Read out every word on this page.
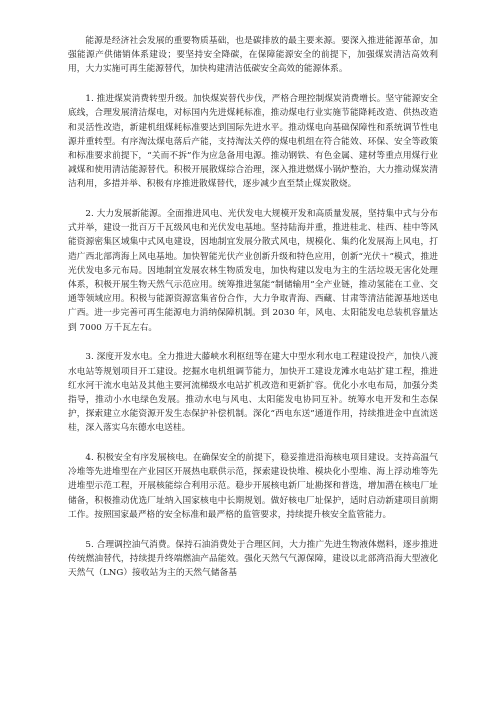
能源是经济社会发展的重要物质基础，也是碳排放的最主要来源。要深入推进能源革命，加强能源产供储销体系建设；要坚持安全降碳，在保障能源安全的前提下，加强煤炭清洁高效利用，大力实施可再生能源替代，加快构建清洁低碳安全高效的能源体系。

1. 推进煤炭消费转型升级。加快煤炭替代步伐，严格合理控制煤炭消费增长。坚守能源安全底线，合理发展清洁煤电，对标国内先进煤耗标准，推动煤电行业实施节能降耗改造、供热改造和灵活性改造，新建机组煤耗标准要达到国际先进水平。推动煤电向基础保障性和系统调节性电源并重转型。有序淘汰煤电落后产能，支持淘汰关停的煤电机组在符合能效、环保、安全等政策和标准要求前提下，“关而不拆”作为应急备用电源。推动钢铁、有色金属、建材等重点用煤行业减煤和使用清洁能源替代。积极开展散煤综合治理，深入推进燃煤小锅炉整治，大力推动煤炭清洁利用，多措并举、积极有序推进散煤替代，逐步减少直至禁止煤炭散烧。

2. 大力发展新能源。全面推进风电、光伏发电大规模开发和高质量发展，坚持集中式与分布式并举，建设一批百万千瓦级风电和光伏发电基地。坚持陆海并重，推进桂北、桂西、桂中等风能资源密集区域集中式风电建设，因地制宜发展分散式风电，规模化、集约化发展海上风电，打造广西北部湾海上风电基地。加快智能光伏产业创新升级和特色应用，创新“光伏＋”模式，推进光伏发电多元布局。因地制宜发展农林生物质发电，加快构建以发电为主的生活垃圾无害化处理体系，积极开展生物天然气示范应用。统筹推进氢能“制储输用”全产业链，推动氢能在工业、交通等领域应用。积极与能源资源富集省份合作，大力争取青海、西藏、甘肃等清洁能源基地送电广西。进一步完善可再生能源电力消纳保障机制。到 2030 年，风电、太阳能发电总装机容量达到 7000 万千瓦左右。

3. 深度开发水电。全力推进大藤峡水利枢纽等在建大中型水利水电工程建设投产，加快八渡水电站等规划项目开工建设。挖掘水电机组调节能力，加快开工建设龙滩水电站扩建工程，推进红水河干流水电站及其他主要河流梯级水电站扩机改造和更新扩容。优化小水电布局，加强分类指导，推动小水电绿色发展。推动水电与风电、太阳能发电协同互补。统筹水电开发和生态保护，探索建立水能资源开发生态保护补偿机制。深化“西电东送”通道作用，持续推进金中直流送桂，深入落实乌东德水电送桂。

4. 积极安全有序发展核电。在确保安全的前提下，稳妥推进沿海核电项目建设。支持高温气冷堆等先进堆型在产业园区开展热电联供示范，探索建设快堆、模块化小型堆、海上浮动堆等先进堆型示范工程，开展核能综合利用示范。稳步开展核电新厂址勘探和普选，增加潜在核电厂址储备，积极推动优选厂址纳入国家核电中长期规划。做好核电厂址保护，适时启动新建项目前期工作。按照国家最严格的安全标准和最严格的监管要求，持续提升核安全监管能力。

5. 合理调控油气消费。保持石油消费处于合理区间，大力推广先进生物液体燃料，逐步推进传统燃油替代，持续提升终端燃油产品能效。强化天然气气源保障，建设以北部湾沿海大型液化天然气（LNG）接收站为主的天然气储备基
